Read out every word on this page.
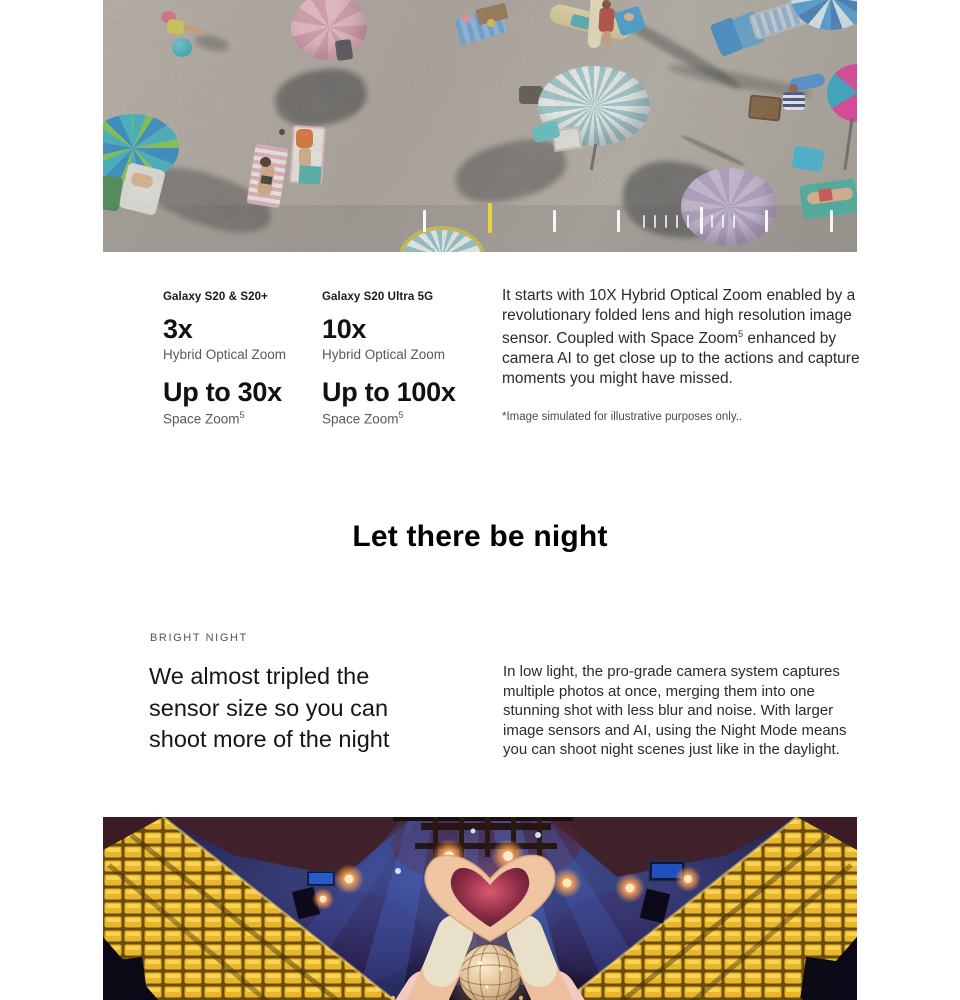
Galaxy S20 & S20+
3x
Hybrid Optical Zoom
Up to 30x
Space Zoom$^5$
Galaxy S20 Ultra 5G
10x
Hybrid Optical Zoom
Up to 100x
Space Zoom$^5$
It starts with 10X Hybrid Optical Zoom enabled by a revolutionary folded lens and high resolution image sensor. Coupled with Space Zoom$^5$ enhanced by camera AI to get close up to the actions and capture moments you might have missed.
*Image simulated for illustrative purposes only..
Let there be night
BRIGHT NIGHT
We almost tripled the sensor size so you can shoot more of the night
In low light, the pro-grade camera system captures multiple photos at once, merging them into one stunning shot with less blur and noise. With larger image sensors and AI, using the Night Mode means you can shoot night scenes just like in the daylight.
